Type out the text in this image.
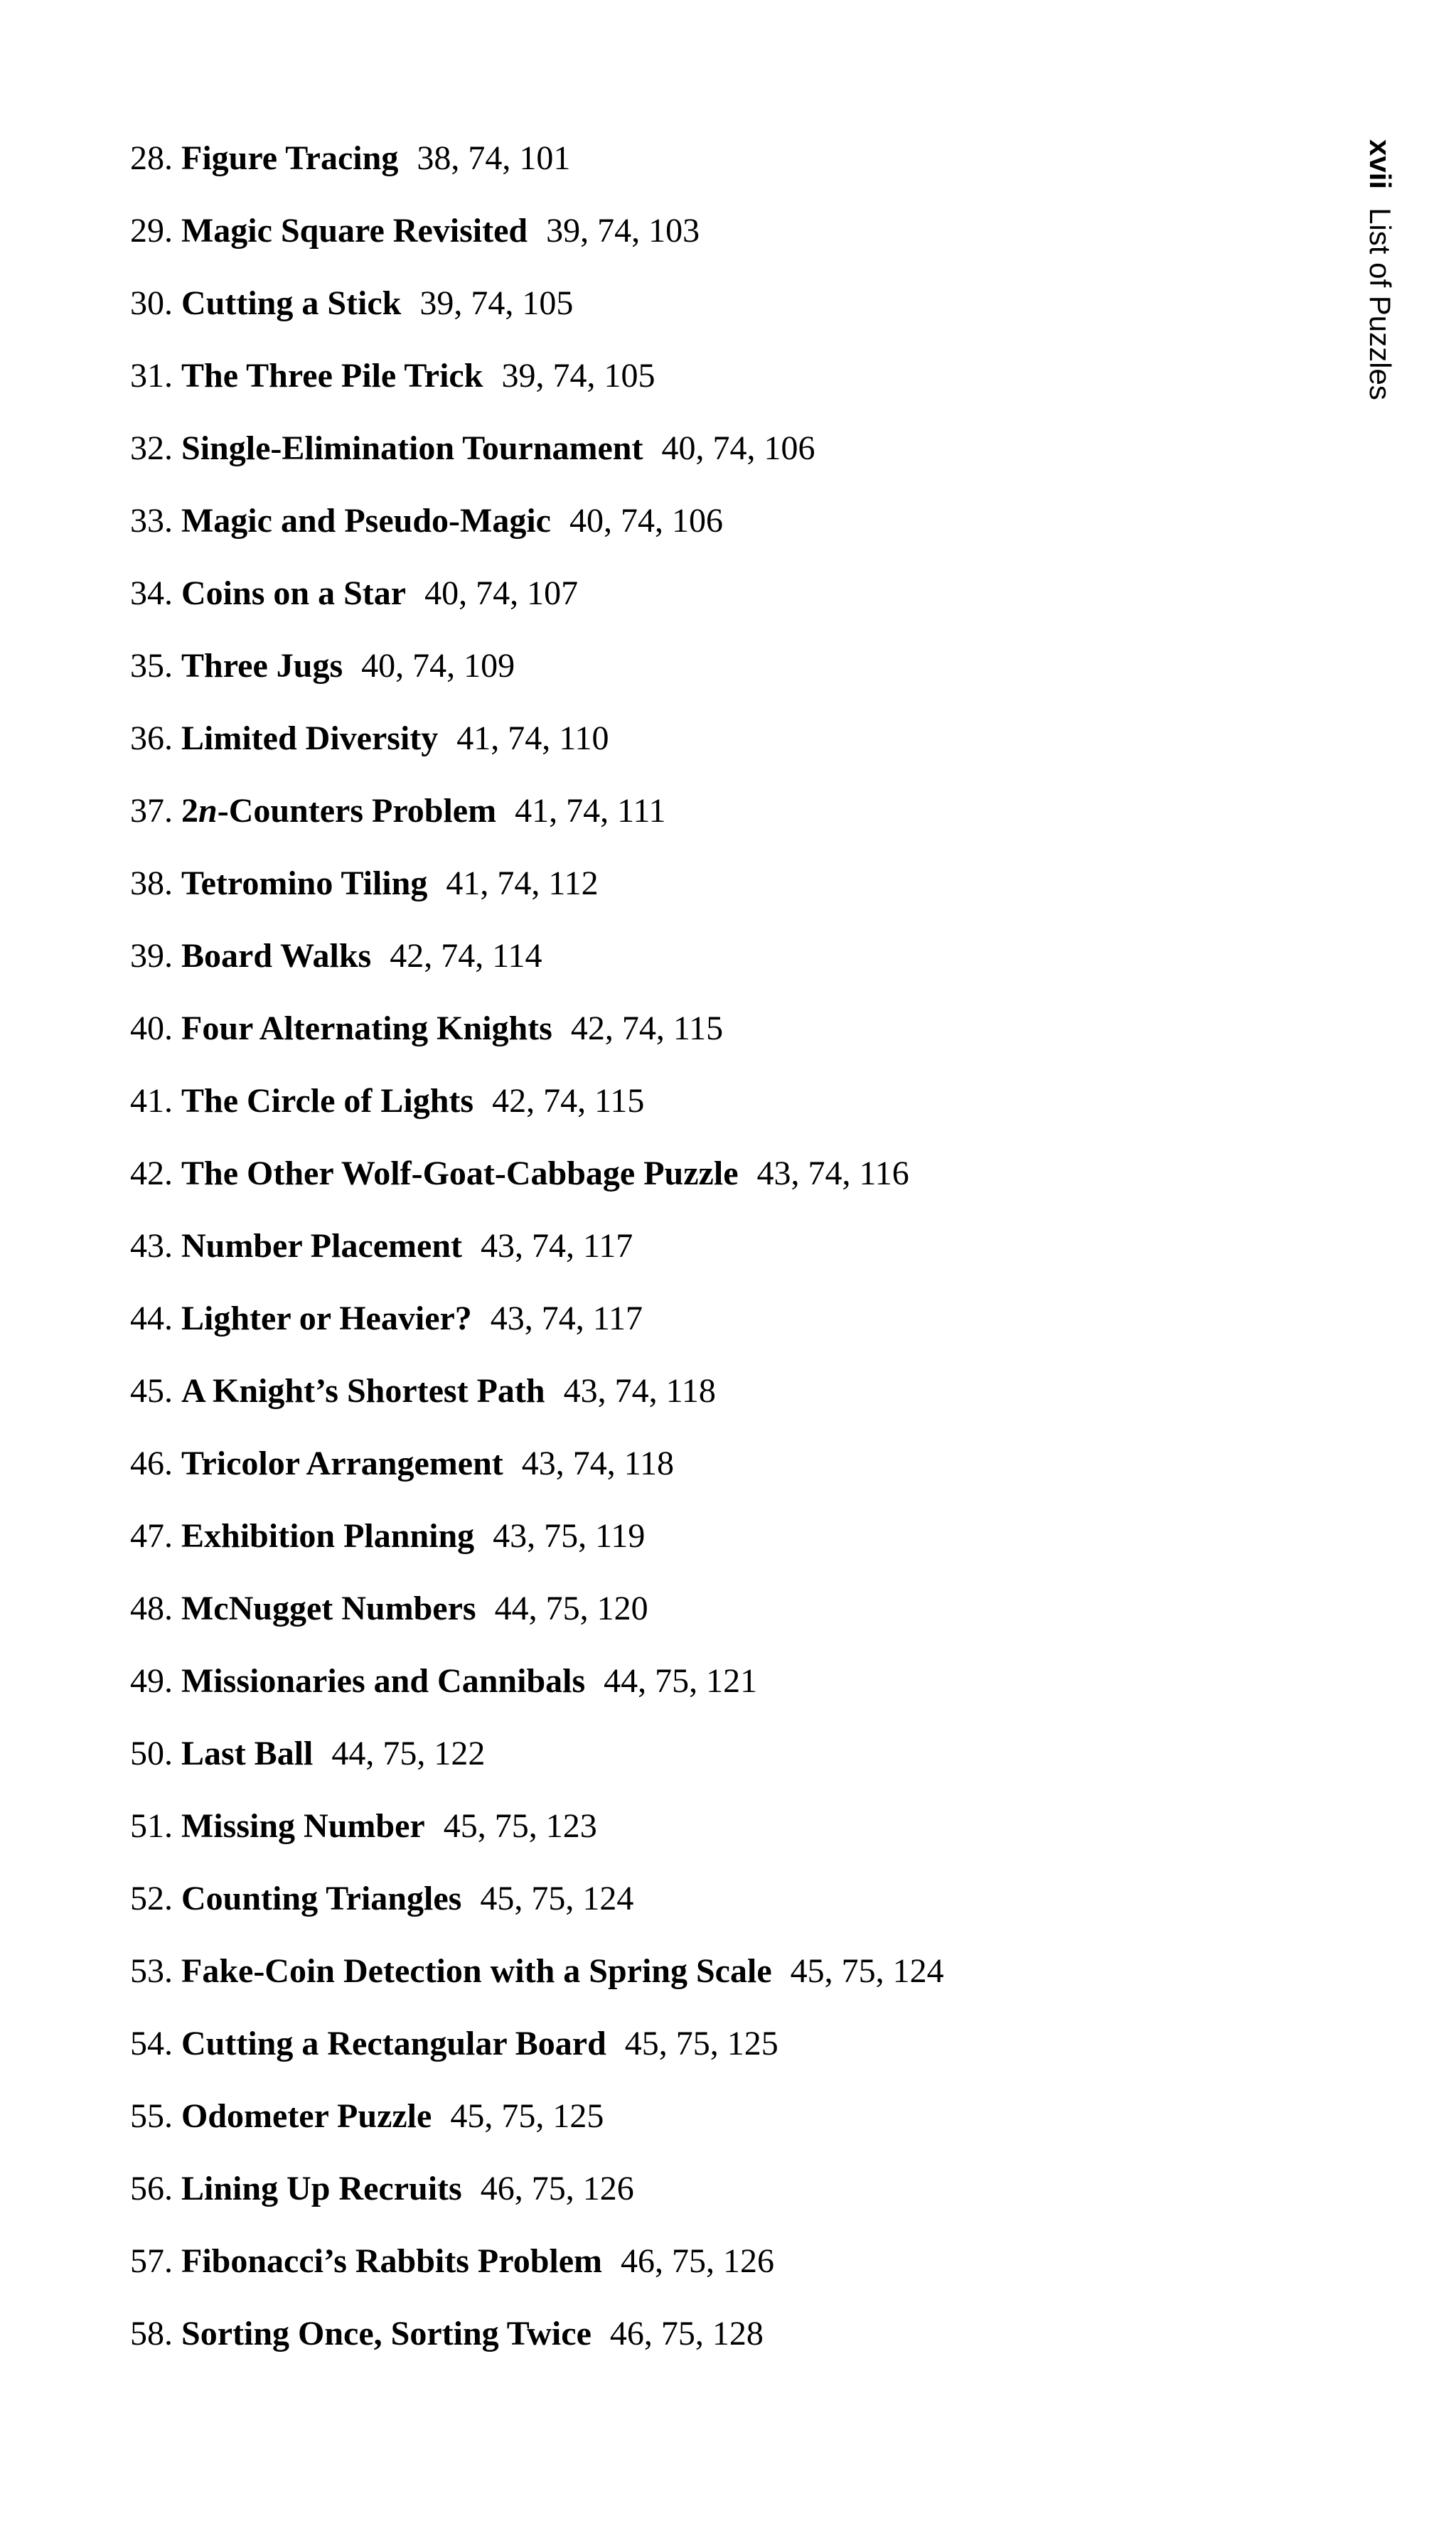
xviiList of Puzzles
28. Figure Tracing 38, 74, 101
29. Magic Square Revisited 39, 74, 103
30. Cutting a Stick 39, 74, 105
31. The Three Pile Trick 39, 74, 105
32. Single-Elimination Tournament 40, 74, 106
33. Magic and Pseudo-Magic 40, 74, 106
34. Coins on a Star 40, 74, 107
35. Three Jugs 40, 74, 109
36. Limited Diversity 41, 74, 110
37. 2n-Counters Problem 41, 74, 111
38. Tetromino Tiling 41, 74, 112
39. Board Walks 42, 74, 114
40. Four Alternating Knights 42, 74, 115
41. The Circle of Lights 42, 74, 115
42. The Other Wolf-Goat-Cabbage Puzzle 43, 74, 116
43. Number Placement 43, 74, 117
44. Lighter or Heavier? 43, 74, 117
45. A Knight’s Shortest Path 43, 74, 118
46. Tricolor Arrangement 43, 74, 118
47. Exhibition Planning 43, 75, 119
48. McNugget Numbers 44, 75, 120
49. Missionaries and Cannibals 44, 75, 121
50. Last Ball 44, 75, 122
51. Missing Number 45, 75, 123
52. Counting Triangles 45, 75, 124
53. Fake-Coin Detection with a Spring Scale 45, 75, 124
54. Cutting a Rectangular Board 45, 75, 125
55. Odometer Puzzle 45, 75, 125
56. Lining Up Recruits 46, 75, 126
57. Fibonacci’s Rabbits Problem 46, 75, 126
58. Sorting Once, Sorting Twice 46, 75, 128
